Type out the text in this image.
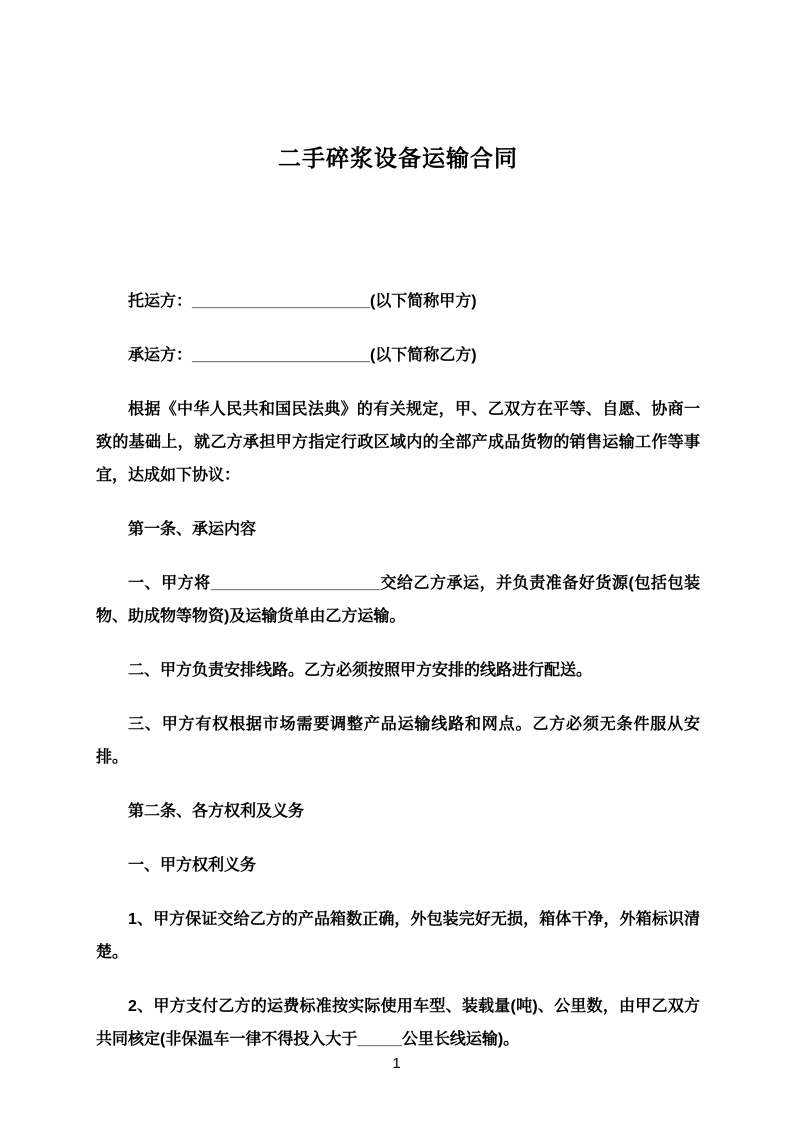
二手碎浆设备运输合同

托运方：____________________(以下简称甲方)

承运方：____________________(以下简称乙方)

根据《中华人民共和国民法典》的有关规定，甲、乙双方在平等、自愿、协商一致的基础上，就乙方承担甲方指定行政区域内的全部产成品货物的销售运输工作等事宜，达成如下协议：

第一条、承运内容

一、甲方将___________________交给乙方承运，并负责准备好货源(包括包装物、助成物等物资)及运输货单由乙方运输。

二、甲方负责安排线路。乙方必须按照甲方安排的线路进行配送。

三、甲方有权根据市场需要调整产品运输线路和网点。乙方必须无条件服从安排。

第二条、各方权利及义务

一、甲方权利义务

1、甲方保证交给乙方的产品箱数正确，外包装完好无损，箱体干净，外箱标识清楚。

2、甲方支付乙方的运费标准按实际使用车型、装载量(吨)、公里数，由甲乙双方共同核定(非保温车一律不得投入大于_____公里长线运输)。

1
